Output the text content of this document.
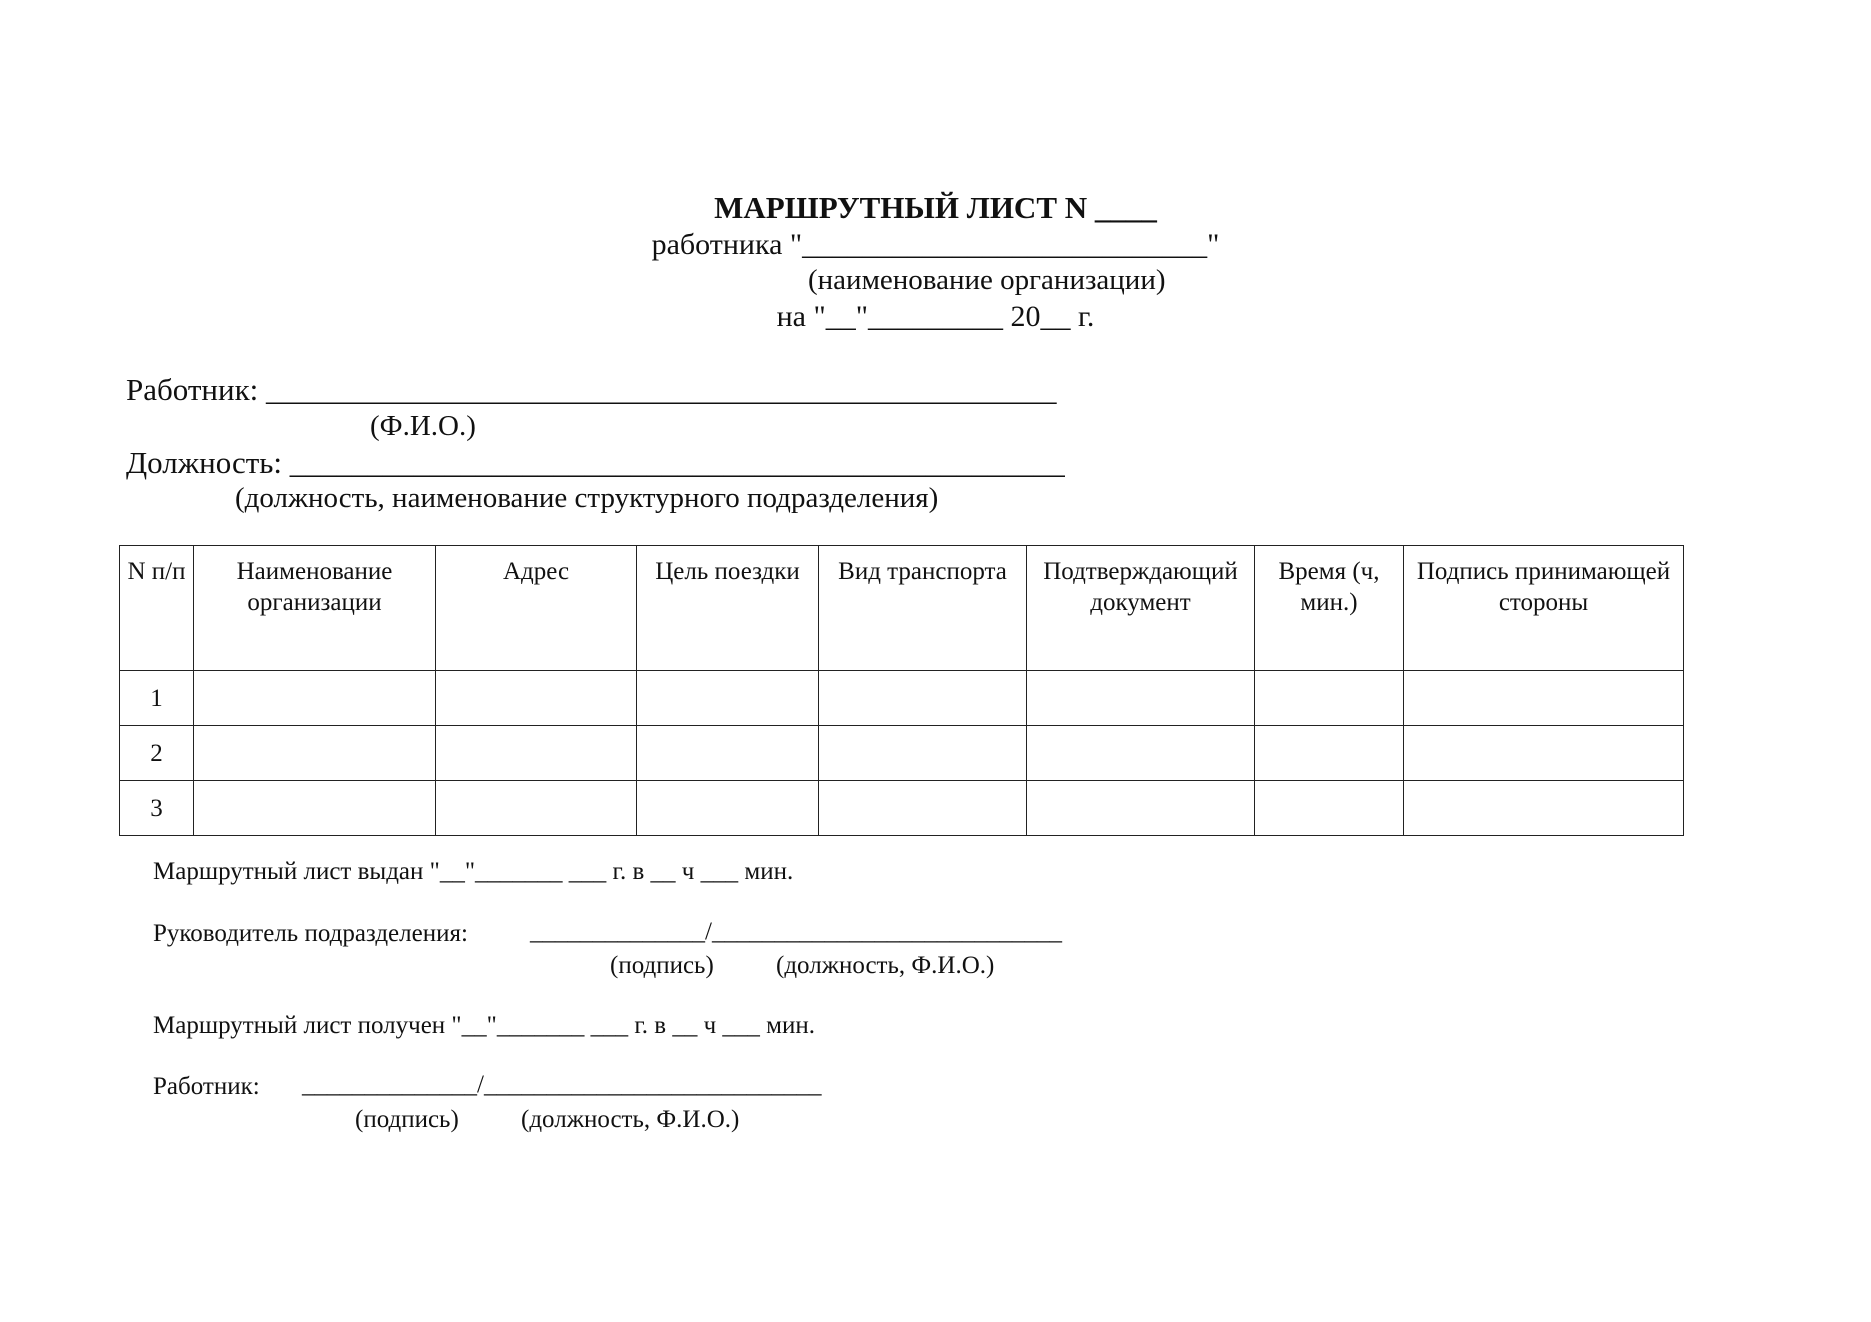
МАРШРУТНЫЙ ЛИСТ N ____
работника "___________________________"
(наименование организации)
на "__"_________ 20__ г.
Работник: ___________________________________________________
(Ф.И.О.)
Должность: __________________________________________________
(должность, наименование структурного подразделения)
N п/п	Наименование организации	Адрес	Цель поездки	Вид транспорта	Подтверждающий документ	Время (ч, мин.)	Подпись принимающей стороны
1							
2							
3							
Маршрутный лист выдан "__"_______ ___ г. в __ ч ___ мин.
Руководитель подразделения: ______________/____________________________
(подпись) (должность, Ф.И.О.)
Маршрутный лист получен "__"_______ ___ г. в __ ч ___ мин.
Работник: ______________/___________________________
(подпись) (должность, Ф.И.О.)
